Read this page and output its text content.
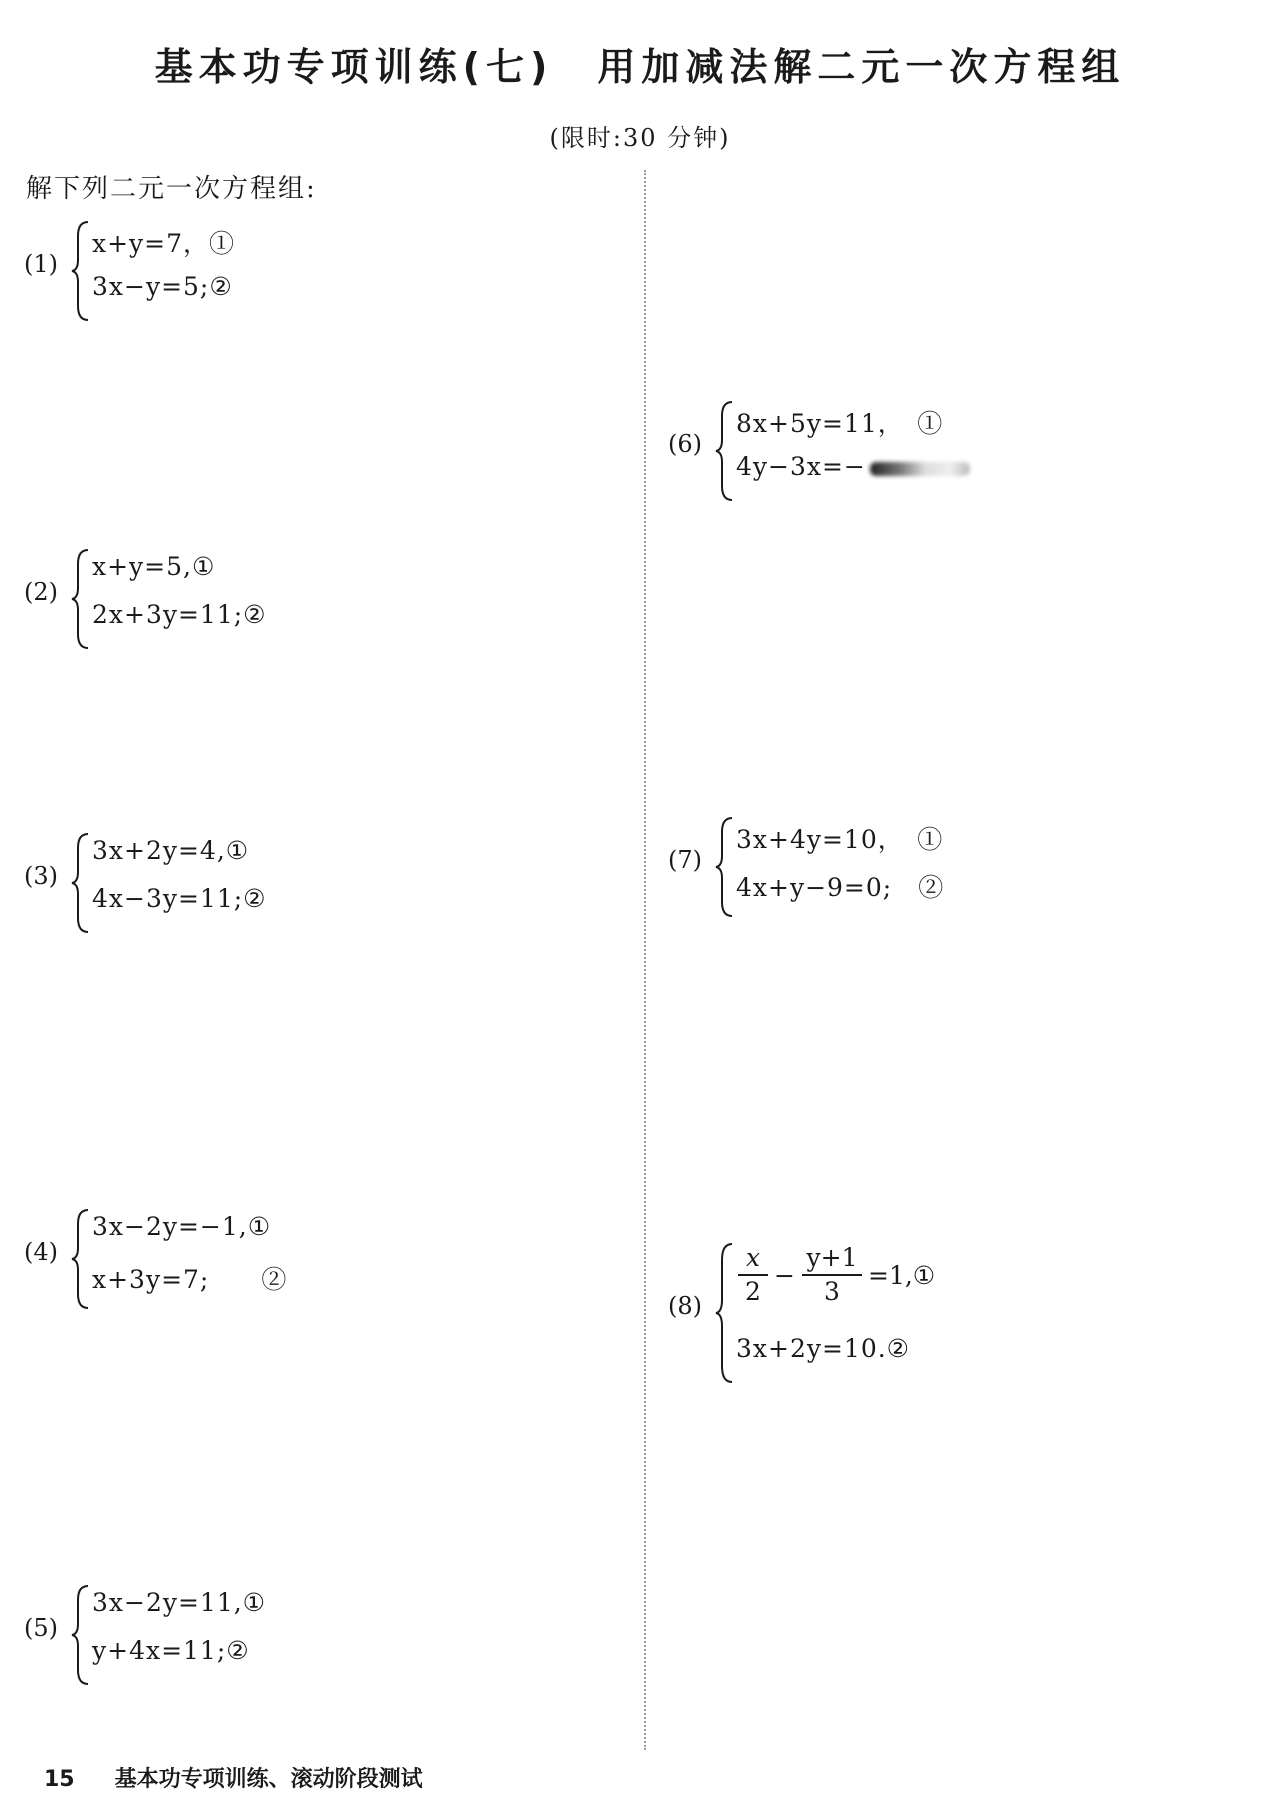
基本功专项训练(七)　用加减法解二元一次方程组
(限时:30 分钟)
解下列二元一次方程组:
(1)
x+y=7，①
3x−y=5;②
(2)
x+y=5,①
2x+3y=11;②
(3)
3x+2y=4,①
4x−3y=11;②
(4)
3x−2y=−1,①
x+3y=7;　　②
(5)
3x−2y=11,①
y+4x=11;②
(6)
8x+5y=11，　①
4y−3x=−
(7)
3x+4y=10，　①
4x+y−9=0;　②
(8)
x
2
−
y+1
3
=1,①
3x+2y=10.②
15 基本功专项训练、滚动阶段测试
